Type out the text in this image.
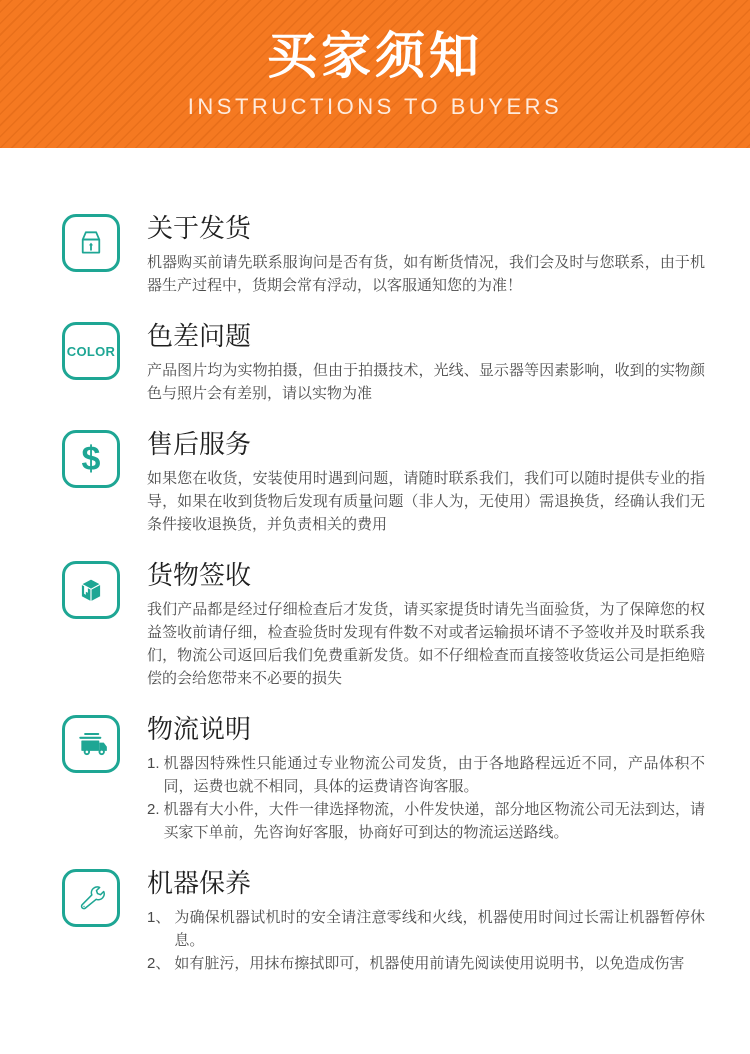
买家须知
INSTRUCTIONS TO BUYERS
关于发货

机器购买前请先联系服询问是否有货，如有断货情况，我们会及时与您联系，由于机器生产过程中，货期会常有浮动，以客服通知您的为准！

COLOR 色差问题

产品图片均为实物拍摄，但由于拍摄技术，光线、显示器等因素影响，收到的实物颜色与照片会有差别，请以实物为准

$ 售后服务

如果您在收货，安装使用时遇到问题，请随时联系我们，我们可以随时提供专业的指导，如果在收到货物后发现有质量问题（非人为，无使用）需退换货，经确认我们无条件接收退换货，并负责相关的费用

货物签收

我们产品都是经过仔细检查后才发货，请买家提货时请先当面验货，为了保障您的权益签收前请仔细，检查验货时发现有件数不对或者运输损坏请不予签收并及时联系我们，物流公司返回后我们免费重新发货。如不仔细检查而直接签收货运公司是拒绝赔偿的会给您带来不必要的损失

物流说明
1. 机器因特殊性只能通过专业物流公司发货，由于各地路程远近不同，产品体积不同，运费也就不相同，具体的运费请咨询客服。
2. 机器有大小件，大件一律选择物流，小件发快递，部分地区物流公司无法到达，请买家下单前，先咨询好客服，协商好可到达的物流运送路线。
机器保养
1、 为确保机器试机时的安全请注意零线和火线，机器使用时间过长需让机器暂停休息。
2、 如有脏污，用抹布擦拭即可，机器使用前请先阅读使用说明书，以免造成伤害
